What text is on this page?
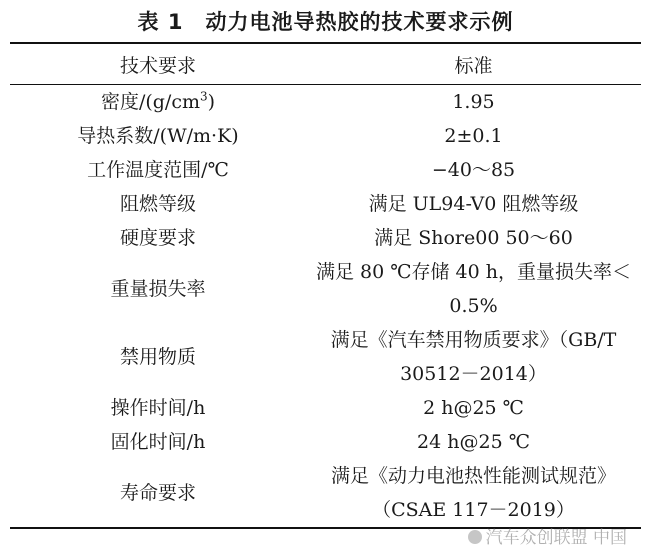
表 1 动力电池导热胶的技术要求示例
技术要求	标准
密度$/(g/cm^3)$	1.95
导热系数/(W/m·K)	2±0.1
工作温度范围/℃	−40～85
阻燃等级	满足 UL94-V0 阻燃等级
硬度要求	满足 Shore00 50～60
重量损失率	满足 80 ℃存储 40 h，重量损失率＜0.5%
禁用物质	满足《汽车禁用物质要求》（GB/T 30512－2014）
操作时间/h	2 h@25 ℃
固化时间/h	24 h@25 ℃
寿命要求	满足《动力电池热性能测试规范》（CSAE 117－2019）
汽车众创联盟 中国
